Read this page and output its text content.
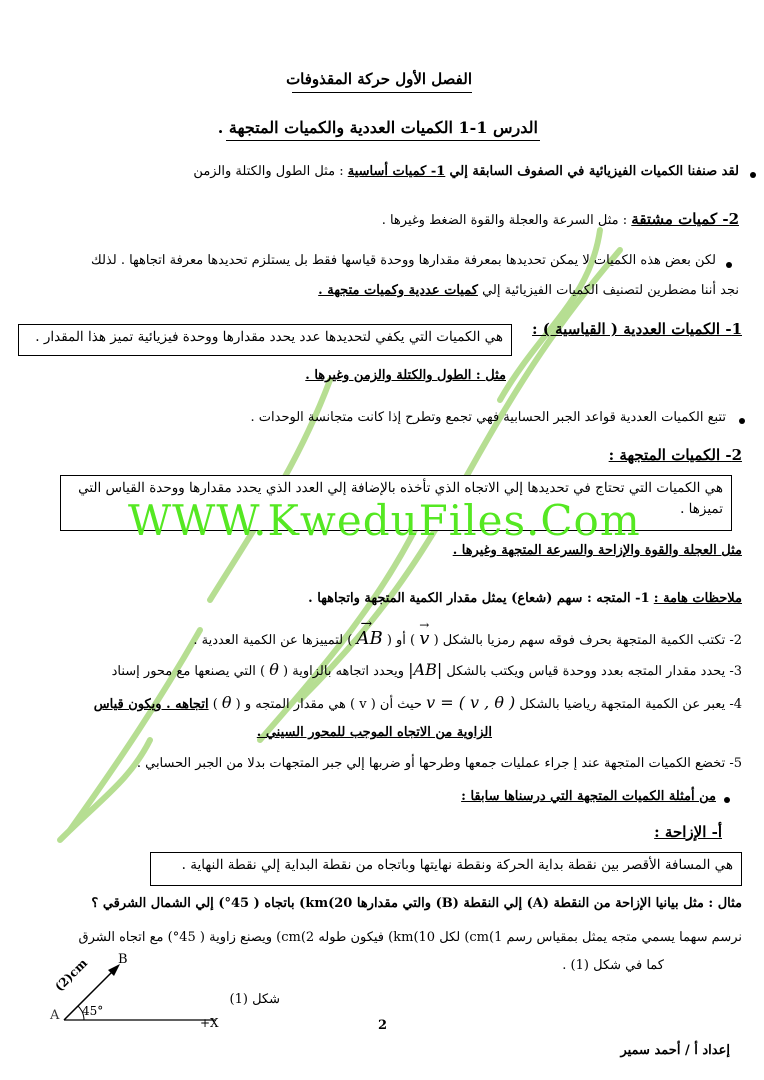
الفصل الأول حركة المقذوفات
الدرس 1-1 الكميات العددية والكميات المتجهة .
لقد صنفنا الكميات الفيزيائية في الصفوف السابقة إلي 1- كميات أساسية : مثل الطول والكتلة والزمن
2- كميات مشتقة : مثل السرعة والعجلة والقوة الضغط وغيرها .
لكن بعض هذه الكميات لا يمكن تحديدها بمعرفة مقدارها ووحدة قياسها فقط بل يستلزم تحديدها معرفة اتجاهها . لذلك
نجد أننا مضطرين لتصنيف الكميات الفيزيائية إلي كميات عددية وكميات متجهة .
1- الكميات العددية ( القياسية ) :
هي الكميات التي يكفي لتحديدها عدد يحدد مقدارها ووحدة فيزيائية تميز هذا المقدار .
مثل : الطول والكتلة والزمن وغيرها .
تتبع الكميات العددية قواعد الجبر الحسابية فهي تجمع وتطرح إذا كانت متجانسة الوحدات .
2- الكميات المتجهة :
هي الكميات التي تحتاج في تحديدها إلي الاتجاه الذي تأخذه بالإضافة إلي العدد الذي يحدد مقدارها ووحدة القياس التي تميزها .
WWW.KweduFiles.Com
مثل العجلة والقوة والإزاحة والسرعة المتجهة وغيرها .
ملاحظات هامة : 1- المتجه : سهم (شعاع) يمثل مقدار الكمية المتجهة واتجاهها .
2- تكتب الكمية المتجهة بحرف فوقه سهم رمزيا بالشكل ( v
→
) أو ( AB
→
) لتمييزها عن الكمية العددية .
3- يحدد مقدار المتجه بعدد ووحدة قياس ويكتب بالشكل |AB| ويحدد اتجاهه بالزاوية ( θ ) التي يصنعها مع محور إسناد
4- يعبر عن الكمية المتجهة رياضيا بالشكل v = ( v , θ ) حيث أن ( v ) هي مقدار المتجه و ( θ ) اتجاهه . ويكون قياس
الزاوية من الاتجاه الموجب للمحور السيني .
5- تخضع الكميات المتجهة عند إ جراء عمليات جمعها وطرحها أو ضربها إلي جبر المتجهات بدلا من الجبر الحسابي .
من أمثلة الكميات المتجهة التي درسناها سابقا :
أ- الإزاحة :
هي المسافة الأقصر بين نقطة بداية الحركة ونقطة نهايتها وباتجاه من نقطة البداية إلي نقطة النهاية .
مثال : مثل بيانيا الإزاحة من النقطة (A) إلي النقطة (B) والتي مقدارها 20)km) باتجاه ( 45°) إلي الشمال الشرقي ؟
نرسم سهما يسمي متجه يمثل بمقياس رسم 1)cm) لكل 10)km) فيكون طوله 2)cm) ويصنع زاوية ( 45°) مع اتجاه الشرق
كما في شكل (1) .
A
B
(2)cm
45°
+X
شكل (1)
2
إعداد أ / أحمد سمير
